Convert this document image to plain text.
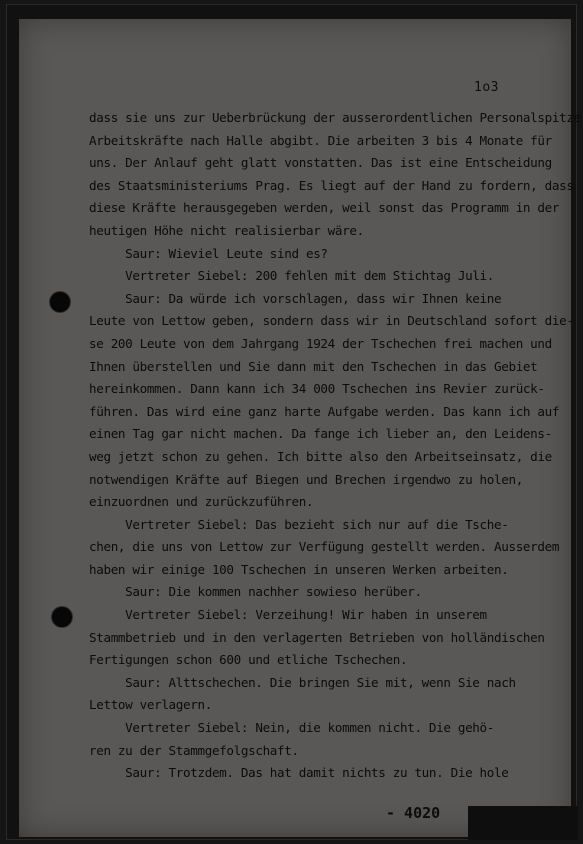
1o3
dass sie uns zur Ueberbrückung der ausserordentlichen Personalspitze
Arbeitskräfte nach Halle abgibt. Die arbeiten 3 bis 4 Monate für
uns. Der Anlauf geht glatt vonstatten. Das ist eine Entscheidung
des Staatsministeriums Prag. Es liegt auf der Hand zu fordern, dass
diese Kräfte herausgegeben werden, weil sonst das Programm in der
heutigen Höhe nicht realisierbar wäre.
Saur: Wieviel Leute sind es?
Vertreter Siebel: 200 fehlen mit dem Stichtag Juli.
Saur: Da würde ich vorschlagen, dass wir Ihnen keine
Leute von Lettow geben, sondern dass wir in Deutschland sofort die-
se 200 Leute von dem Jahrgang 1924 der Tschechen frei machen und
Ihnen überstellen und Sie dann mit den Tschechen in das Gebiet
hereinkommen. Dann kann ich 34 000 Tschechen ins Revier zurück-
führen. Das wird eine ganz harte Aufgabe werden. Das kann ich auf
einen Tag gar nicht machen. Da fange ich lieber an, den Leidens-
weg jetzt schon zu gehen. Ich bitte also den Arbeitseinsatz, die
notwendigen Kräfte auf Biegen und Brechen irgendwo zu holen,
einzuordnen und zurückzuführen.
Vertreter Siebel: Das bezieht sich nur auf die Tsche-
chen, die uns von Lettow zur Verfügung gestellt werden. Ausserdem
haben wir einige 100 Tschechen in unseren Werken arbeiten.
Saur: Die kommen nachher sowieso herüber.
Vertreter Siebel: Verzeihung! Wir haben in unserem
Stammbetrieb und in den verlagerten Betrieben von holländischen
Fertigungen schon 600 und etliche Tschechen.
Saur: Alttschechen. Die bringen Sie mit, wenn Sie nach
Lettow verlagern.
Vertreter Siebel: Nein, die kommen nicht. Die gehö-
ren zu der Stammgefolgschaft.
Saur: Trotzdem. Das hat damit nichts zu tun. Die hole
- 4020
